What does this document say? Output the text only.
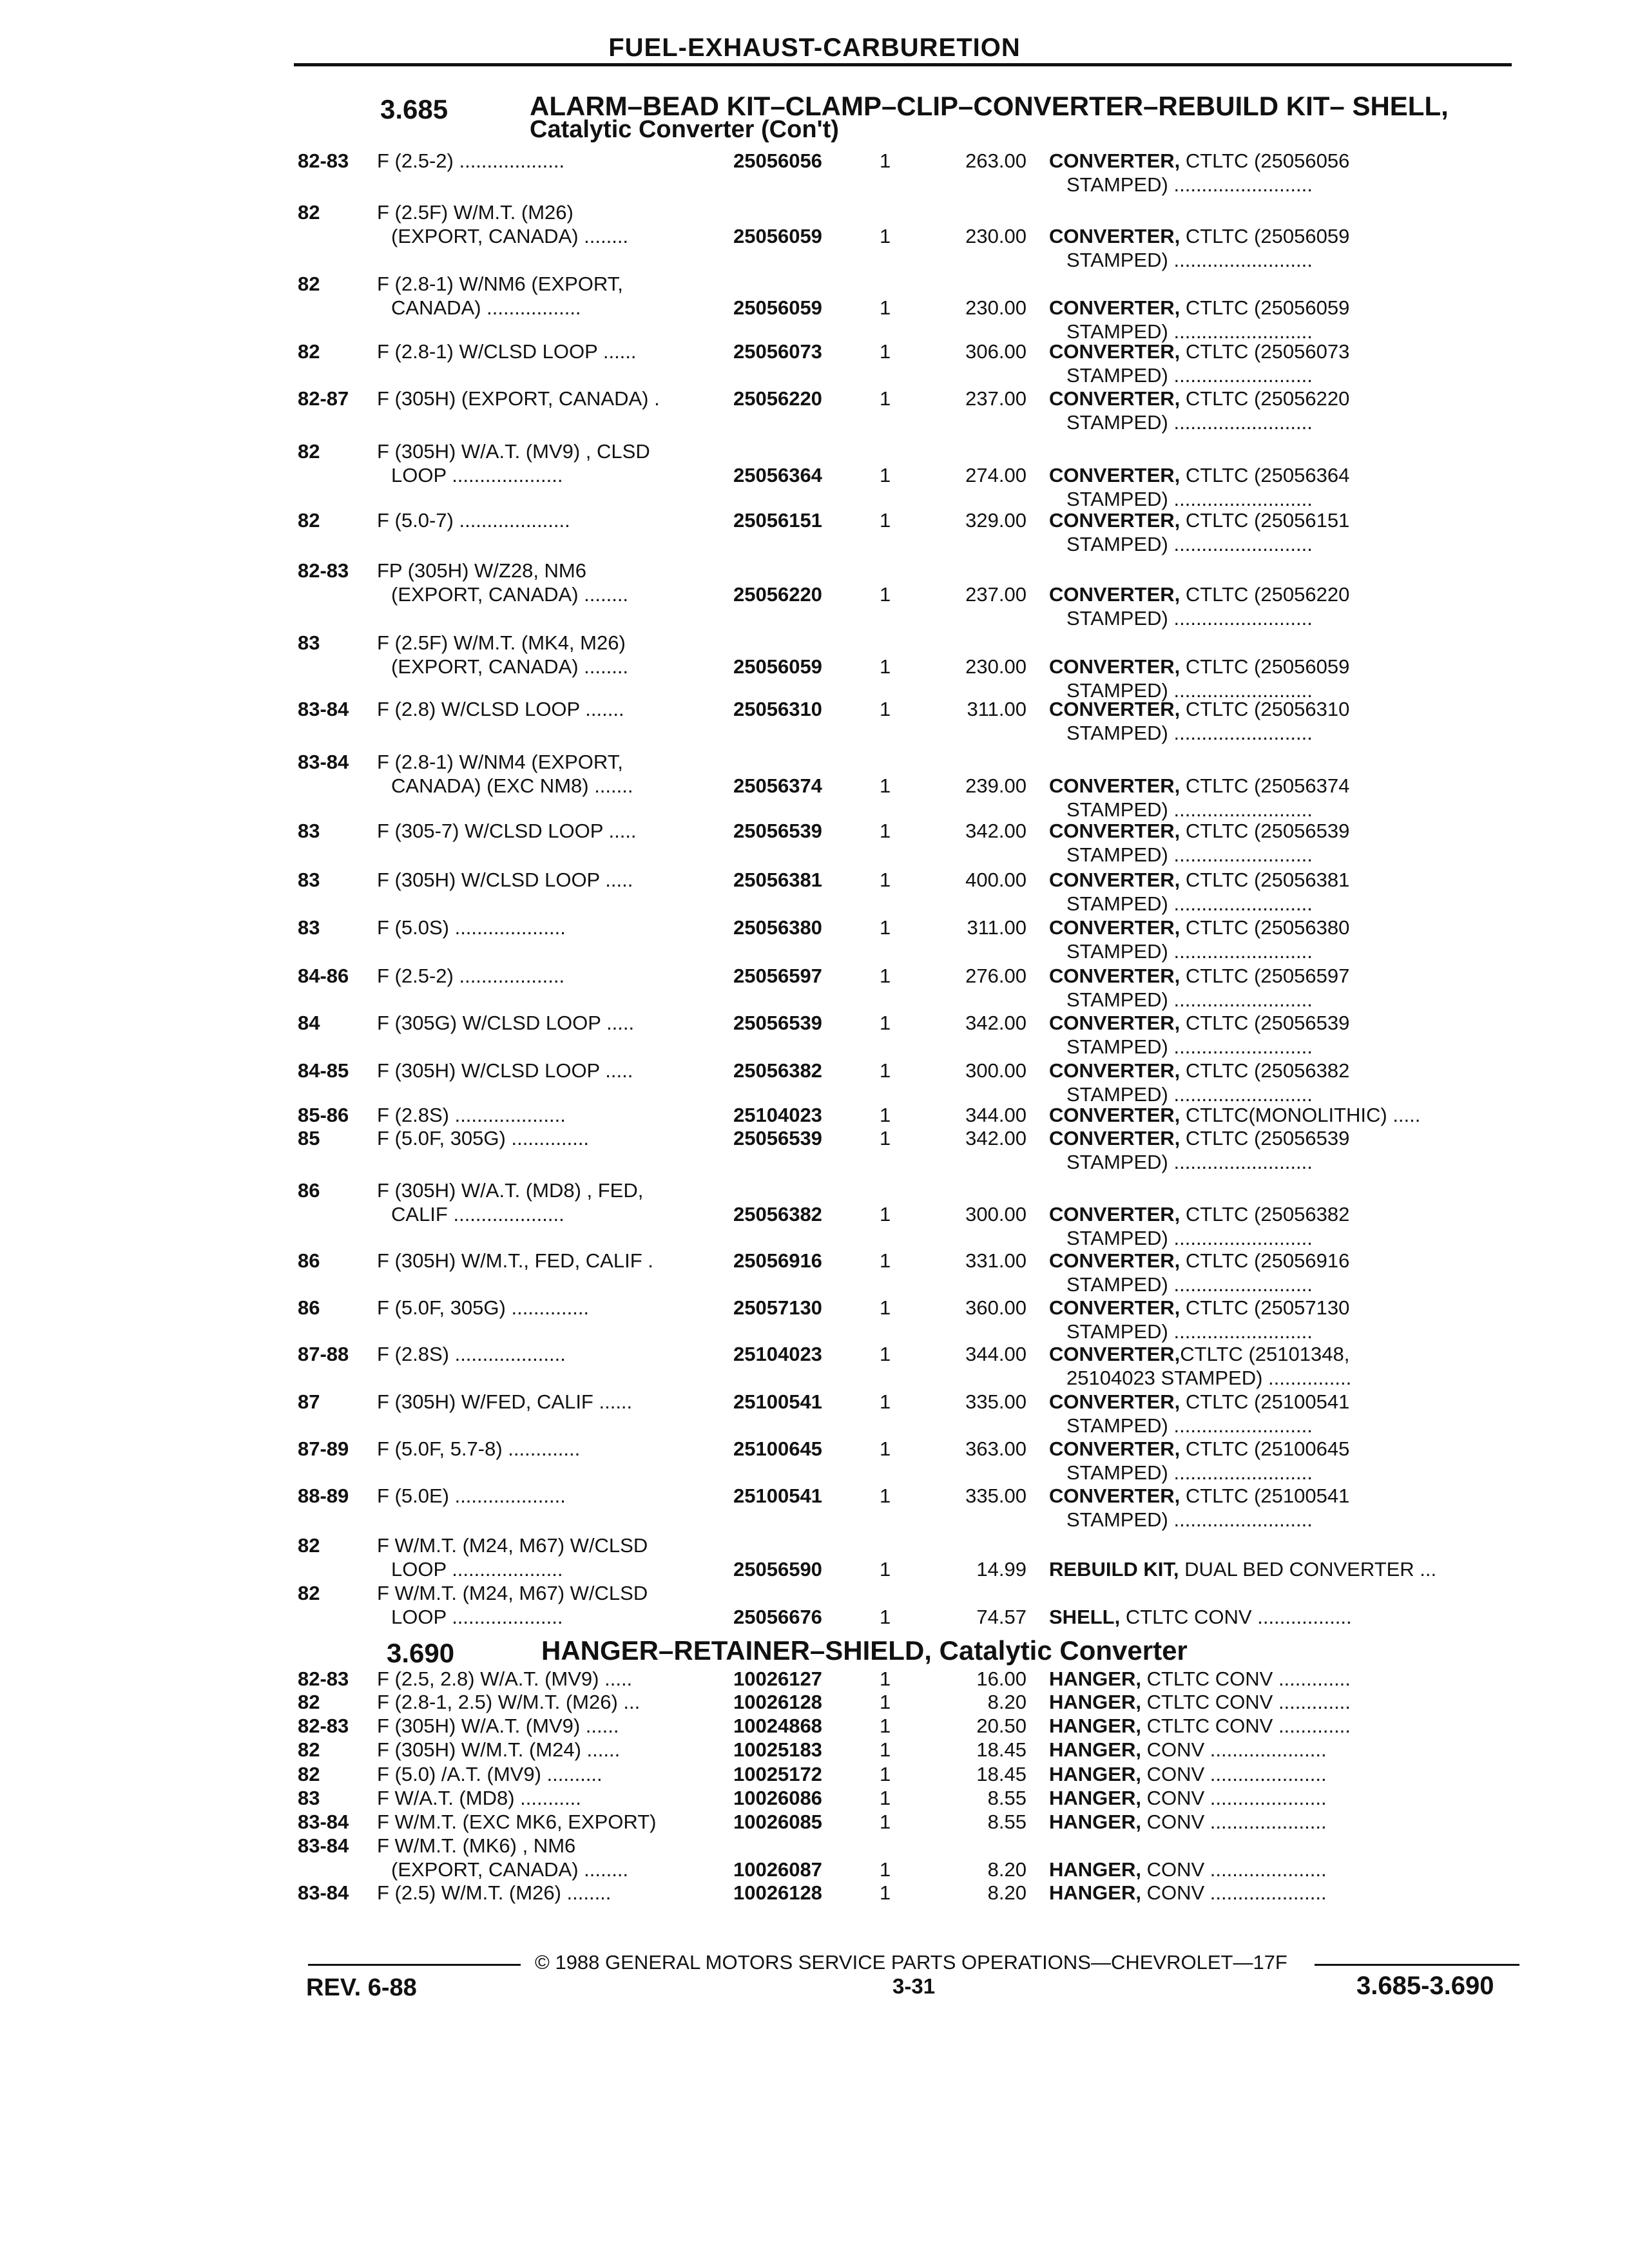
FUEL-EXHAUST-CARBURETION
3.685	ALARM–BEAD KIT–CLAMP–CLIP–CONVERTER–REBUILD KIT– SHELL,
Catalytic Converter (Con't)
82-83 F (2.5-2) ...................	25056056	1	263.00 CONVERTER, CTLTC (25056056
STAMPED) .........................
82	F (2.5F) W/M.T. (M26)
(EXPORT, CANADA) ........	25056059	1	230.00 CONVERTER, CTLTC (25056059
STAMPED) .........................
82	F (2.8-1) W/NM6 (EXPORT,
CANADA) .................	25056059	1	230.00 CONVERTER, CTLTC (25056059
STAMPED) .........................
82	F (2.8-1) W/CLSD LOOP ......	25056073	1	306.00 CONVERTER, CTLTC (25056073
STAMPED) .........................
82-87 F (305H) (EXPORT, CANADA) .	25056220	1	237.00 CONVERTER, CTLTC (25056220
STAMPED) .........................
82	F (305H) W/A.T. (MV9) , CLSD
LOOP ....................	25056364	1	274.00 CONVERTER, CTLTC (25056364
STAMPED) .........................
82	F (5.0-7) ....................	25056151	1	329.00 CONVERTER, CTLTC (25056151
STAMPED) .........................
82-83 FP (305H) W/Z28, NM6
(EXPORT, CANADA) ........	25056220	1	237.00 CONVERTER, CTLTC (25056220
STAMPED) .........................
83	F (2.5F) W/M.T. (MK4, M26)
(EXPORT, CANADA) ........	25056059	1	230.00 CONVERTER, CTLTC (25056059
STAMPED) .........................
83-84 F (2.8) W/CLSD LOOP .......	25056310	1	311.00 CONVERTER, CTLTC (25056310
STAMPED) .........................
83-84 F (2.8-1) W/NM4 (EXPORT,
CANADA) (EXC NM8) .......	25056374	1	239.00 CONVERTER, CTLTC (25056374
STAMPED) .........................
83	F (305-7) W/CLSD LOOP .....	25056539	1	342.00 CONVERTER, CTLTC (25056539
STAMPED) .........................
83	F (305H) W/CLSD LOOP .....	25056381	1	400.00 CONVERTER, CTLTC (25056381
STAMPED) .........................
83	F (5.0S) ....................	25056380	1	311.00 CONVERTER, CTLTC (25056380
STAMPED) .........................
84-86 F (2.5-2) ...................	25056597	1	276.00 CONVERTER, CTLTC (25056597
STAMPED) .........................
84	F (305G) W/CLSD LOOP .....	25056539	1	342.00 CONVERTER, CTLTC (25056539
STAMPED) .........................
84-85 F (305H) W/CLSD LOOP .....	25056382	1	300.00 CONVERTER, CTLTC (25056382
STAMPED) .........................
85-86 F (2.8S) ....................	25104023	1	344.00 CONVERTER, CTLTC(MONOLITHIC) .....
85	F (5.0F, 305G) ..............	25056539	1	342.00 CONVERTER, CTLTC (25056539
STAMPED) .........................
86	F (305H) W/A.T. (MD8) , FED,
CALIF ....................	25056382	1	300.00 CONVERTER, CTLTC (25056382
STAMPED) .........................
86	F (305H) W/M.T., FED, CALIF .	25056916	1	331.00 CONVERTER, CTLTC (25056916
STAMPED) .........................
86	F (5.0F, 305G) ..............	25057130	1	360.00 CONVERTER, CTLTC (25057130
STAMPED) .........................
87-88 F (2.8S) ....................	25104023	1	344.00 CONVERTER,CTLTC (25101348,
25104023 STAMPED) ...............
87	F (305H) W/FED, CALIF ......	25100541	1	335.00 CONVERTER, CTLTC (25100541
STAMPED) .........................
87-89 F (5.0F, 5.7-8) .............	25100645	1	363.00 CONVERTER, CTLTC (25100645
STAMPED) .........................
88-89 F (5.0E) ....................	25100541	1	335.00 CONVERTER, CTLTC (25100541
STAMPED) .........................
82	F W/M.T. (M24, M67) W/CLSD
LOOP ....................	25056590	1	14.99 REBUILD KIT, DUAL BED CONVERTER ...
82	F W/M.T. (M24, M67) W/CLSD
LOOP ....................	25056676	1	74.57 SHELL, CTLTC CONV .................
3.690	HANGER–RETAINER–SHIELD, Catalytic Converter
82-83 F (2.5, 2.8) W/A.T. (MV9) .....	10026127	1	16.00 HANGER, CTLTC CONV .............
82	F (2.8-1, 2.5) W/M.T. (M26) ...	10026128	1	8.20 HANGER, CTLTC CONV .............
82-83 F (305H) W/A.T. (MV9) ......	10024868	1	20.50 HANGER, CTLTC CONV .............
82	F (305H) W/M.T. (M24) ......	10025183	1	18.45 HANGER, CONV .....................
82	F (5.0) /A.T. (MV9) ..........	10025172	1	18.45 HANGER, CONV .....................
83	F W/A.T. (MD8) ...........	10026086	1	8.55 HANGER, CONV .....................
83-84 F W/M.T. (EXC MK6, EXPORT)	10026085	1	8.55 HANGER, CONV .....................
83-84 F W/M.T. (MK6) , NM6
(EXPORT, CANADA) ........	10026087	1	8.20 HANGER, CONV .....................
83-84 F (2.5) W/M.T. (M26) ........	10026128	1	8.20 HANGER, CONV .....................
© 1988 GENERAL MOTORS SERVICE PARTS OPERATIONS—CHEVROLET—17F
REV. 6-88	3-31	3.685-3.690
